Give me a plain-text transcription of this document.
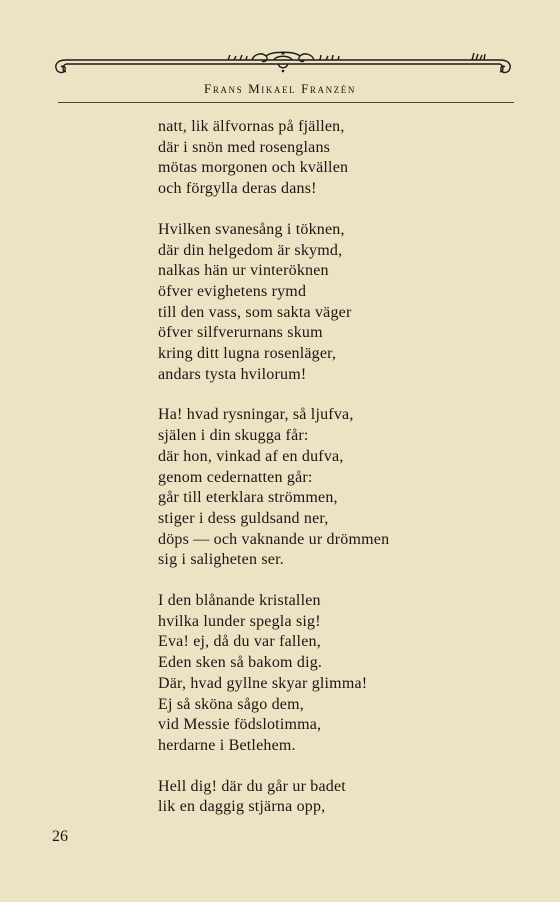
Frans Mikael Franzén
natt, lik älfvornas på fjällen,
där i snön med rosenglans
mötas morgonen och kvällen
och förgylla deras dans!
Hvilken svanesång i töknen,
där din helgedom är skymd,
nalkas hän ur vinteröknen
öfver evighetens rymd
till den vass, som sakta väger
öfver silfverurnans skum
kring ditt lugna rosenläger,
andars tysta hvilorum!
Ha! hvad rysningar, så ljufva,
själen i din skugga får:
där hon, vinkad af en dufva,
genom cedernatten går:
går till eterklara strömmen,
stiger i dess guldsand ner,
döps — och vaknande ur drömmen
sig i saligheten ser.
I den blånande kristallen
hvilka lunder spegla sig!
Eva! ej, då du var fallen,
Eden sken så bakom dig.
Där, hvad gyllne skyar glimma!
Ej så sköna sågo dem,
vid Messie födslotimma,
herdarne i Betlehem.
Hell dig! där du går ur badet
lik en daggig stjärna opp,
26
